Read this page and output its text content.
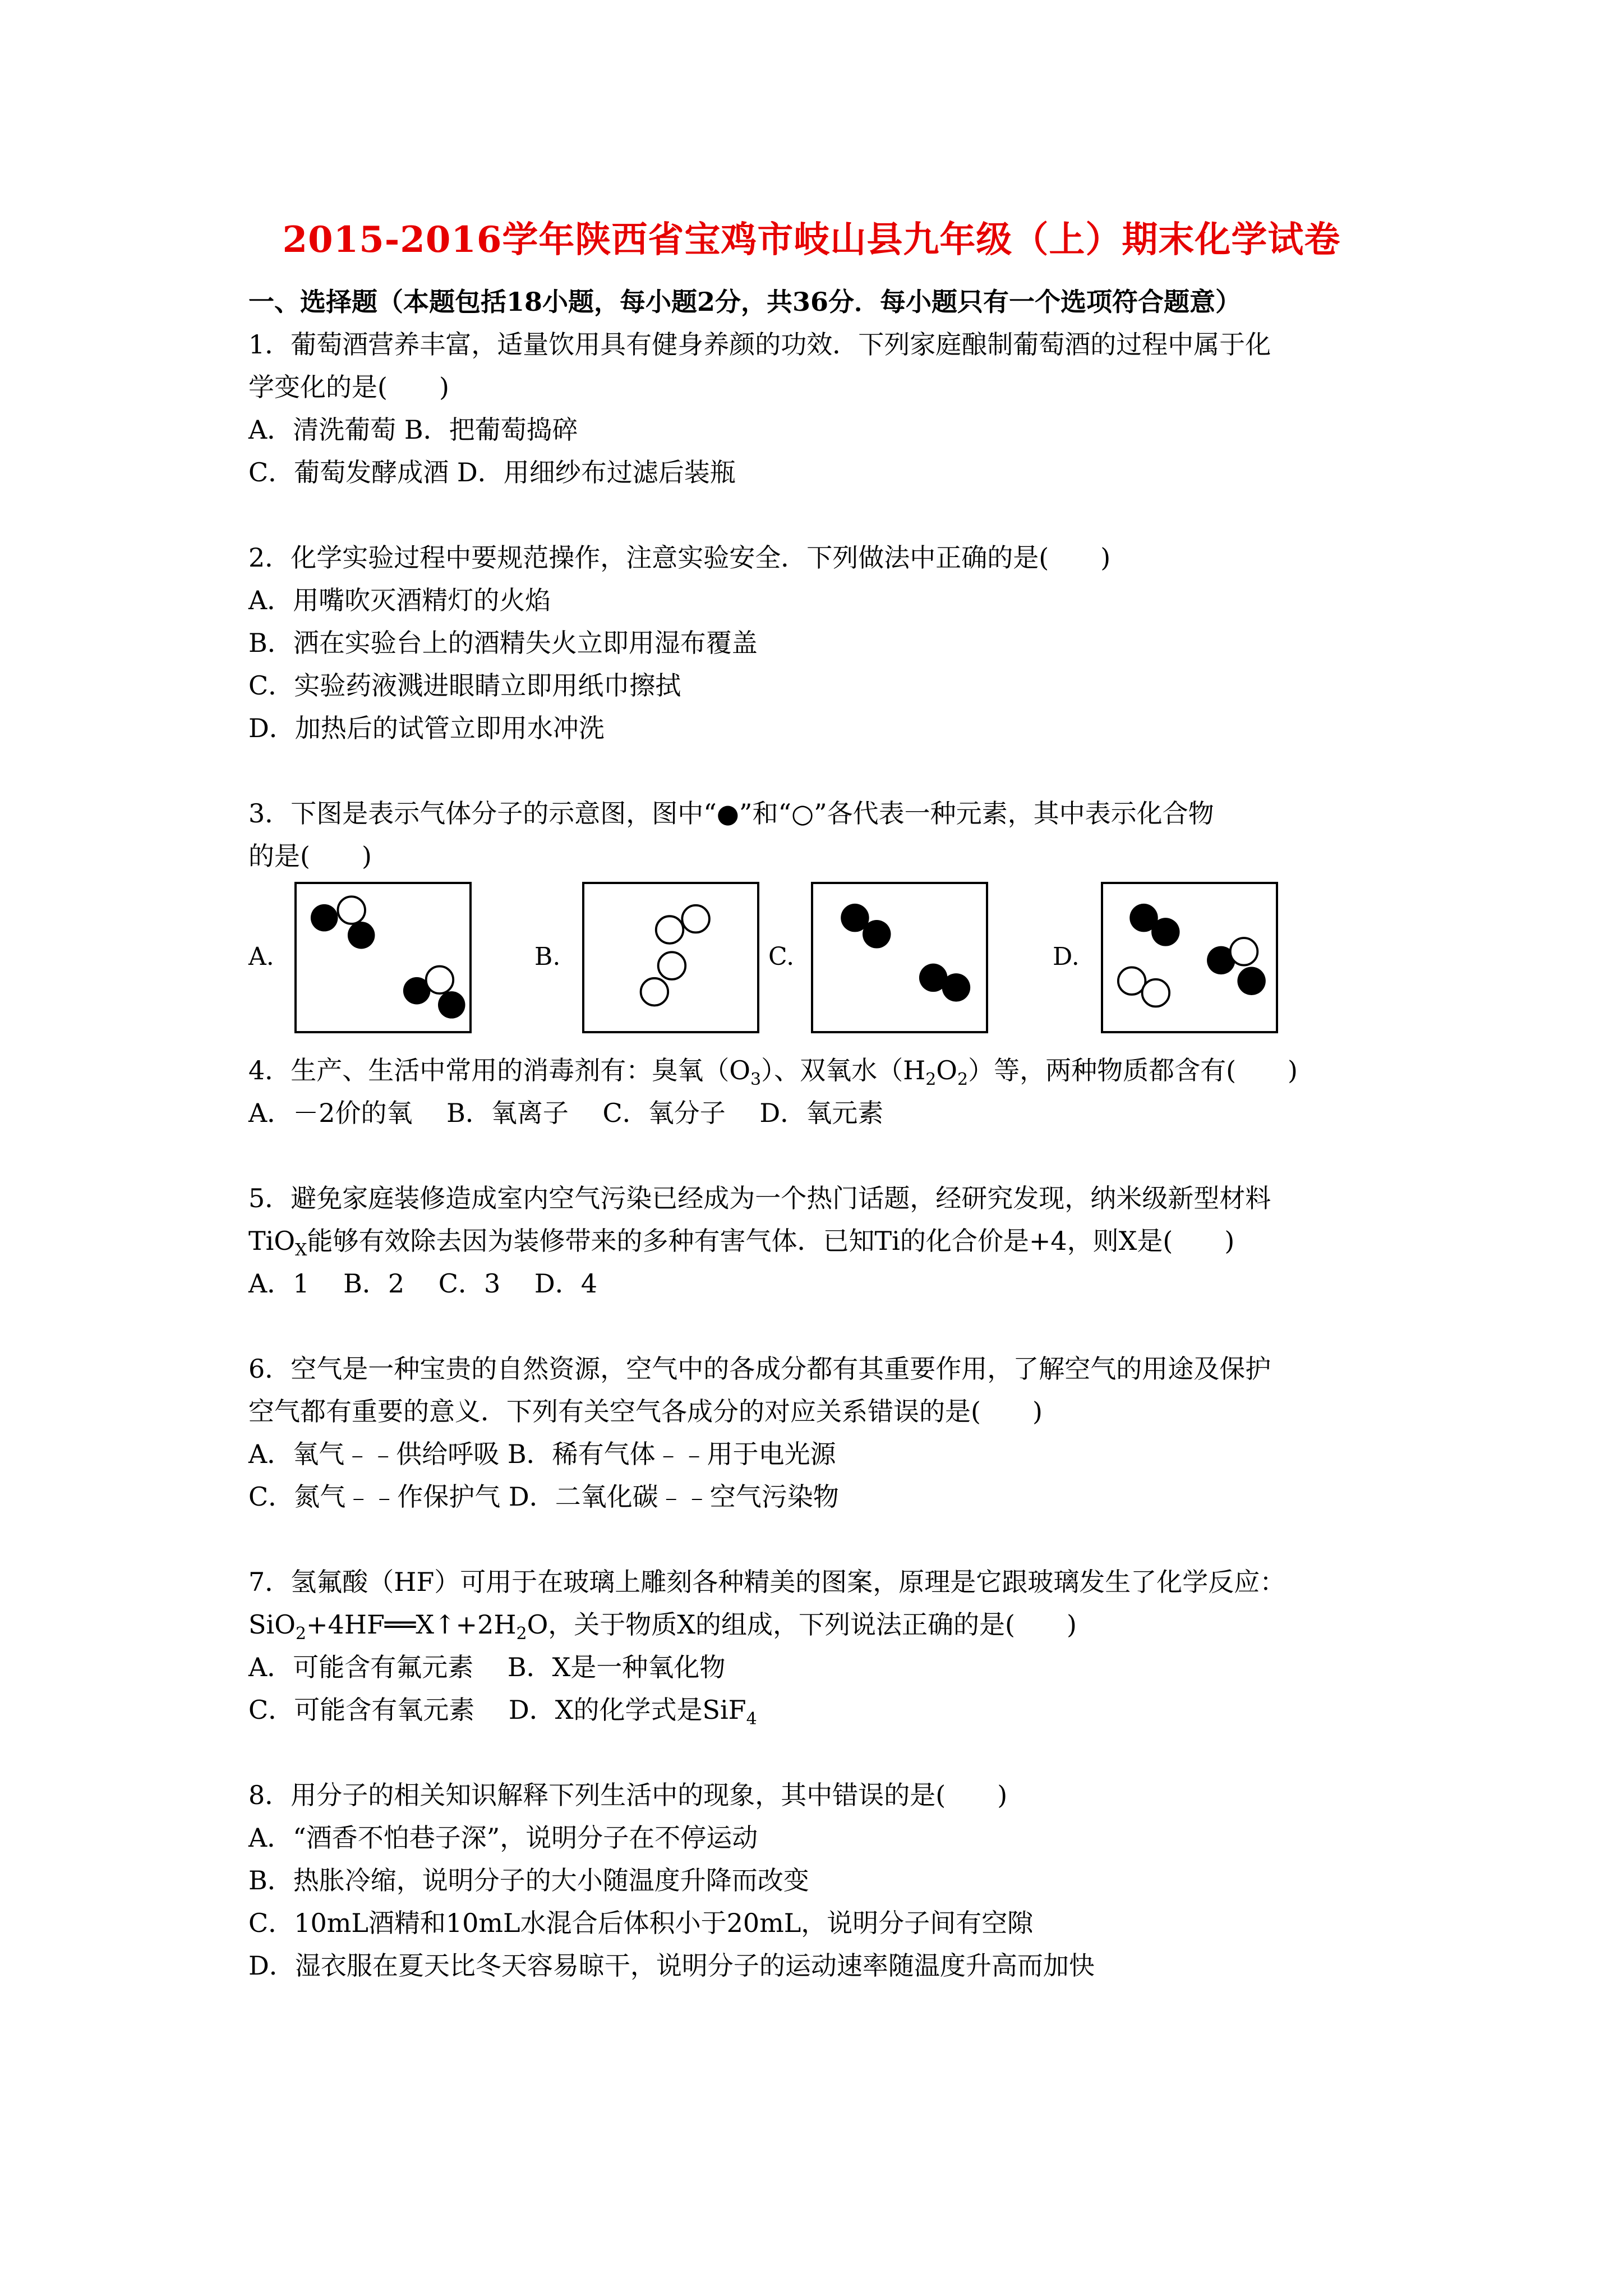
2015-2016学年陕西省宝鸡市岐山县九年级（上）期末化学试卷
一、选择题（本题包括18小题，每小题2分，共36分．每小题只有一个选项符合题意）
1．葡萄酒营养丰富，适量饮用具有健身养颜的功效．下列家庭酿制葡萄酒的过程中属于化
学变化的是(　　)
A．清洗葡萄 B．把葡萄捣碎
C．葡萄发酵成酒 D．用细纱布过滤后装瓶
2．化学实验过程中要规范操作，注意实验安全．下列做法中正确的是(　　)
A．用嘴吹灭酒精灯的火焰
B．洒在实验台上的酒精失火立即用湿布覆盖
C．实验药液溅进眼睛立即用纸巾擦拭
D．加热后的试管立即用水冲洗
3．下图是表示气体分子的示意图，图中“●”和“○”各代表一种元素，其中表示化合物
的是(　　)
A.	B.	C.	D.
4．生产、生活中常用的消毒剂有：臭氧$(O_3)$、双氧水$(H_2O_2)$等，两种物质都含有(　　)
A．－2价的氧　 B．氧离子　 C．氧分子　 D．氧元素
5．避免家庭装修造成室内空气污染已经成为一个热门话题，经研究发现，纳米级新型材料
TiO$_X$能够有效除去因为装修带来的多种有害气体．已知Ti的化合价是+4，则X是(　　)
A．1　 B．2　 C．3　 D．4
6．空气是一种宝贵的自然资源，空气中的各成分都有其重要作用，了解空气的用途及保护
空气都有重要的意义．下列有关空气各成分的对应关系错误的是(　　)
A．氧气﹣﹣供给呼吸 B．稀有气体﹣﹣用于电光源
C．氮气﹣﹣作保护气 D．二氧化碳﹣﹣空气污染物
7．氢氟酸（HF）可用于在玻璃上雕刻各种精美的图案，原理是它跟玻璃发生了化学反应：
$SiO_2+4HF══X↑+2H_2O$，关于物质X的组成，下列说法正确的是(　　)
A．可能含有氟元素　 B．X是一种氧化物
C．可能含有氧元素　 D．X的化学式是SiF$_4$
8．用分子的相关知识解释下列生活中的现象，其中错误的是(　　)
A．“酒香不怕巷子深”，说明分子在不停运动
B．热胀冷缩，说明分子的大小随温度升降而改变
C．10mL酒精和10mL水混合后体积小于20mL，说明分子间有空隙
D．湿衣服在夏天比冬天容易晾干，说明分子的运动速率随温度升高而加快
